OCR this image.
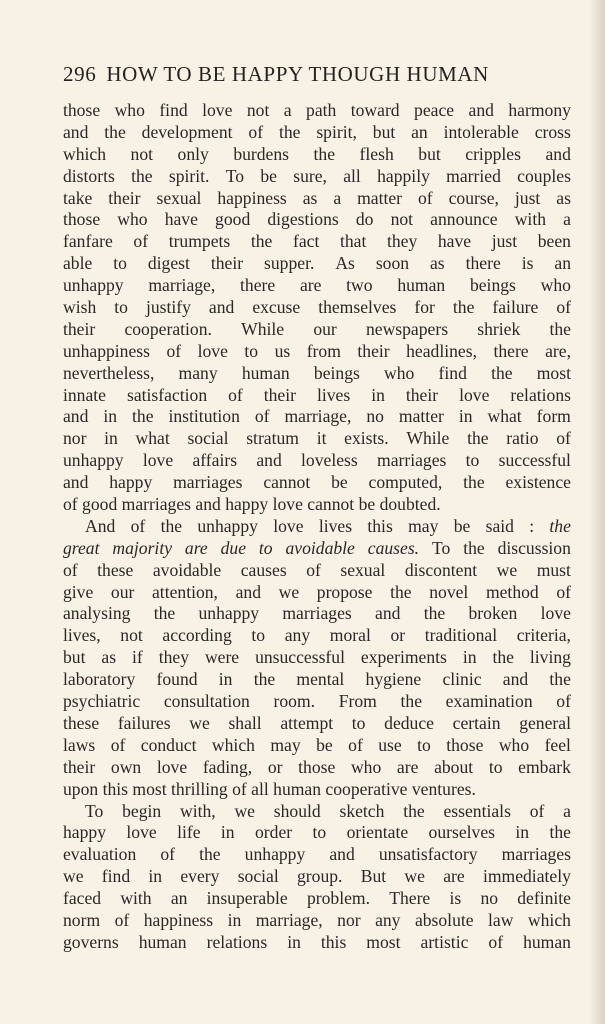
296 HOW TO BE HAPPY THOUGH HUMAN
those who find love not a path toward peace and harmony
and the development of the spirit, but an intolerable cross
which not only burdens the flesh but cripples and
distorts the spirit. To be sure, all happily married couples
take their sexual happiness as a matter of course, just as
those who have good digestions do not announce with a
fanfare of trumpets the fact that they have just been
able to digest their supper. As soon as there is an
unhappy marriage, there are two human beings who
wish to justify and excuse themselves for the failure of
their cooperation. While our newspapers shriek the
unhappiness of love to us from their headlines, there are,
nevertheless, many human beings who find the most
innate satisfaction of their lives in their love relations
and in the institution of marriage, no matter in what form
nor in what social stratum it exists. While the ratio of
unhappy love affairs and loveless marriages to successful
and happy marriages cannot be computed, the existence
of good marriages and happy love cannot be doubted.
And of the unhappy love lives this may be said : the
great majority are due to avoidable causes. To the discussion
of these avoidable causes of sexual discontent we must
give our attention, and we propose the novel method of
analysing the unhappy marriages and the broken love
lives, not according to any moral or traditional criteria,
but as if they were unsuccessful experiments in the living
laboratory found in the mental hygiene clinic and the
psychiatric consultation room. From the examination of
these failures we shall attempt to deduce certain general
laws of conduct which may be of use to those who feel
their own love fading, or those who are about to embark
upon this most thrilling of all human cooperative ventures.
To begin with, we should sketch the essentials of a
happy love life in order to orientate ourselves in the
evaluation of the unhappy and unsatisfactory marriages
we find in every social group. But we are immediately
faced with an insuperable problem. There is no definite
norm of happiness in marriage, nor any absolute law which
governs human relations in this most artistic of human
